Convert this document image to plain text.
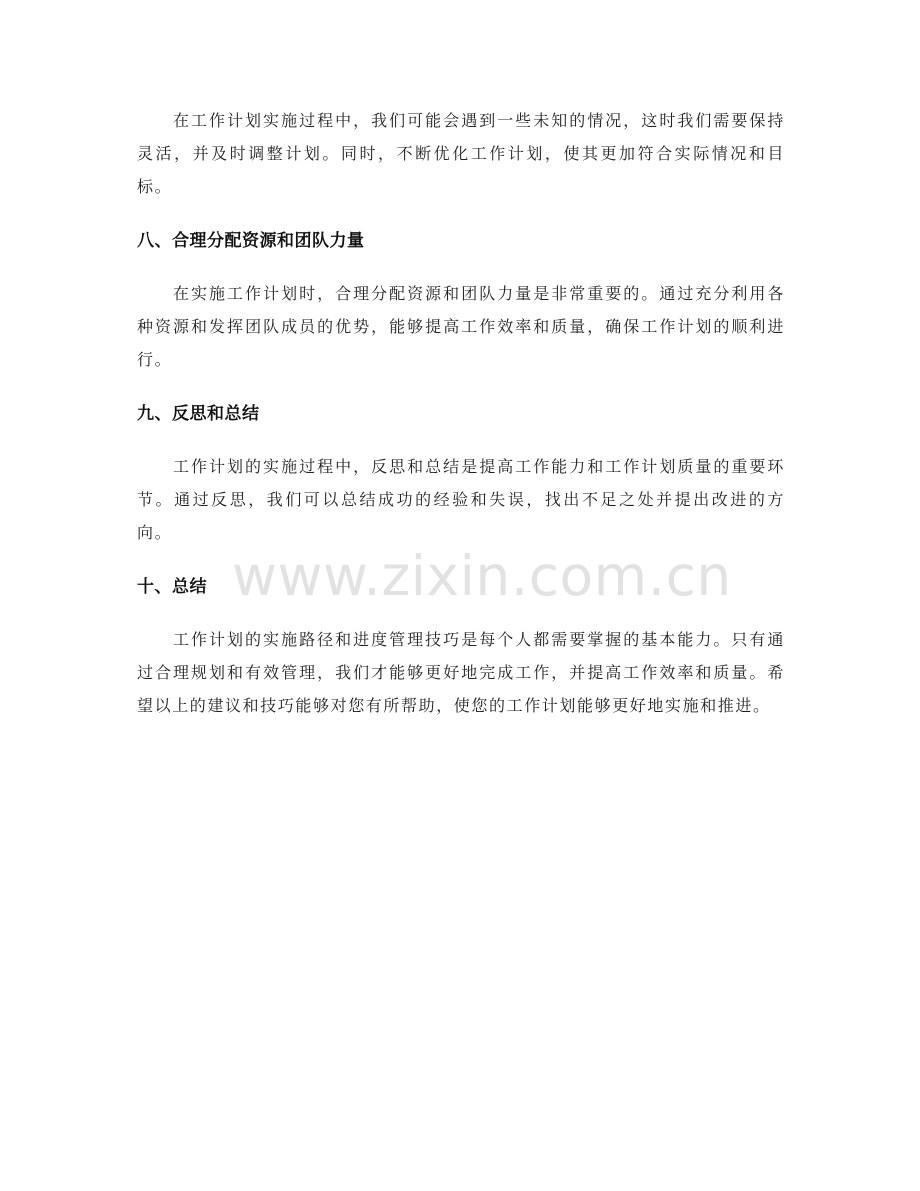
在工作计划实施过程中，我们可能会遇到一些未知的情况，这时我们需要保持灵活，并及时调整计划。同时，不断优化工作计划，使其更加符合实际情况和目标。

八、合理分配资源和团队力量

在实施工作计划时，合理分配资源和团队力量是非常重要的。通过充分利用各种资源和发挥团队成员的优势，能够提高工作效率和质量，确保工作计划的顺利进行。

九、反思和总结

工作计划的实施过程中，反思和总结是提高工作能力和工作计划质量的重要环节。通过反思，我们可以总结成功的经验和失误，找出不足之处并提出改进的方向。

十、总结

工作计划的实施路径和进度管理技巧是每个人都需要掌握的基本能力。只有通过合理规划和有效管理，我们才能够更好地完成工作，并提高工作效率和质量。希望以上的建议和技巧能够对您有所帮助，使您的工作计划能够更好地实施和推进。

www.zixin.com.cn
